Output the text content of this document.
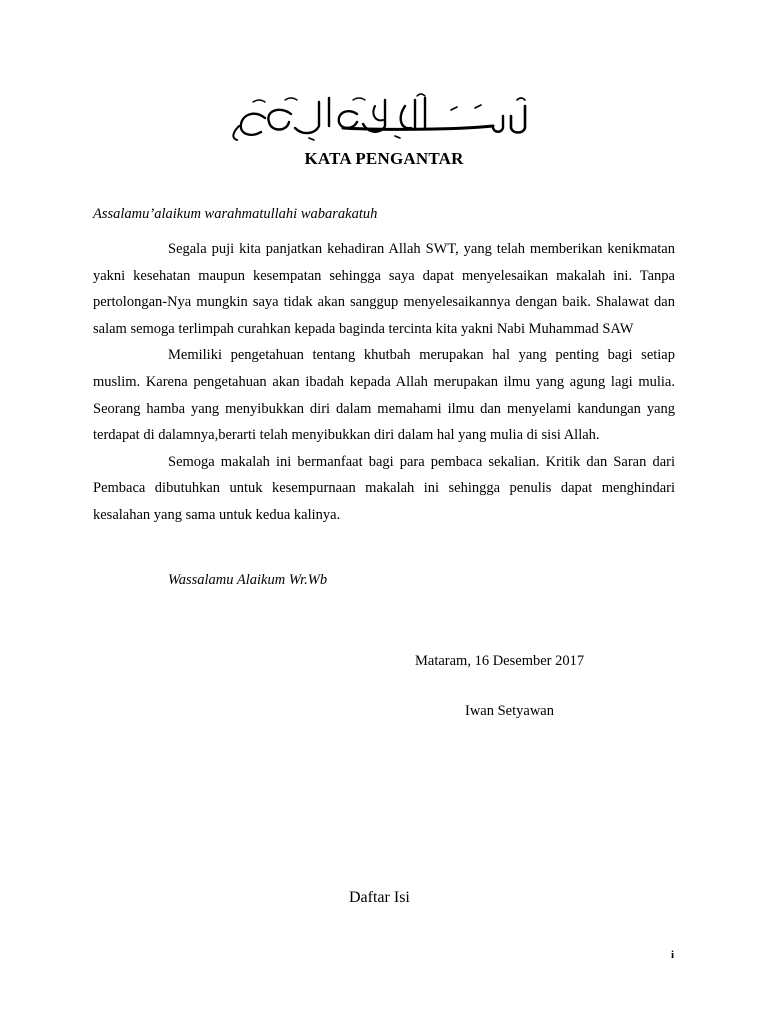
KATA PENGANTAR
Assalamu’alaikum warahmatullahi wabarakatuh

Segala puji kita panjatkan kehadiran Allah SWT, yang telah memberikan kenikmatan yakni kesehatan maupun kesempatan sehingga saya dapat menyelesaikan makalah ini. Tanpa pertolongan-Nya mungkin saya tidak akan sanggup menyelesaikannya dengan baik. Shalawat dan salam semoga terlimpah curahkan kepada baginda tercinta kita yakni Nabi Muhammad SAW

Memiliki pengetahuan tentang khutbah merupakan hal yang penting bagi setiap muslim. Karena pengetahuan akan ibadah kepada Allah merupakan ilmu yang agung lagi mulia. Seorang hamba yang menyibukkan diri dalam memahami ilmu dan menyelami kandungan yang terdapat di dalamnya,berarti telah menyibukkan diri dalam hal yang mulia di sisi Allah.

Semoga makalah ini bermanfaat bagi para pembaca sekalian. Kritik dan Saran dari Pembaca dibutuhkan untuk kesempurnaan makalah ini sehingga penulis dapat menghindari kesalahan yang sama untuk kedua kalinya.

Wassalamu Alaikum Wr.Wb
Mataram, 16 Desember 2017
Iwan Setyawan
Daftar Isi
i
